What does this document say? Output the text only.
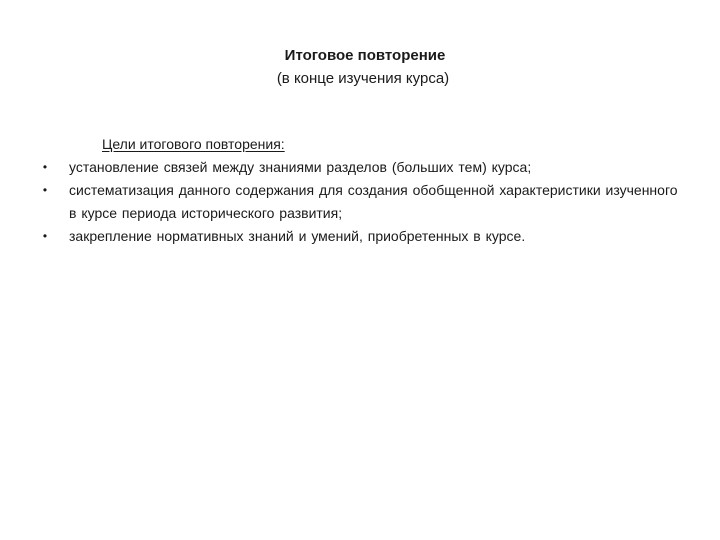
Итоговое повторение
(в конце изучения курса)
Цели итогового повторения:
• установление связей между знаниями разделов (больших тем) курса;
• систематизация данного содержания для создания обобщенной характеристики изученного в курсе периода исторического развития;
• закрепление нормативных знаний и умений, приобретенных в курсе.
